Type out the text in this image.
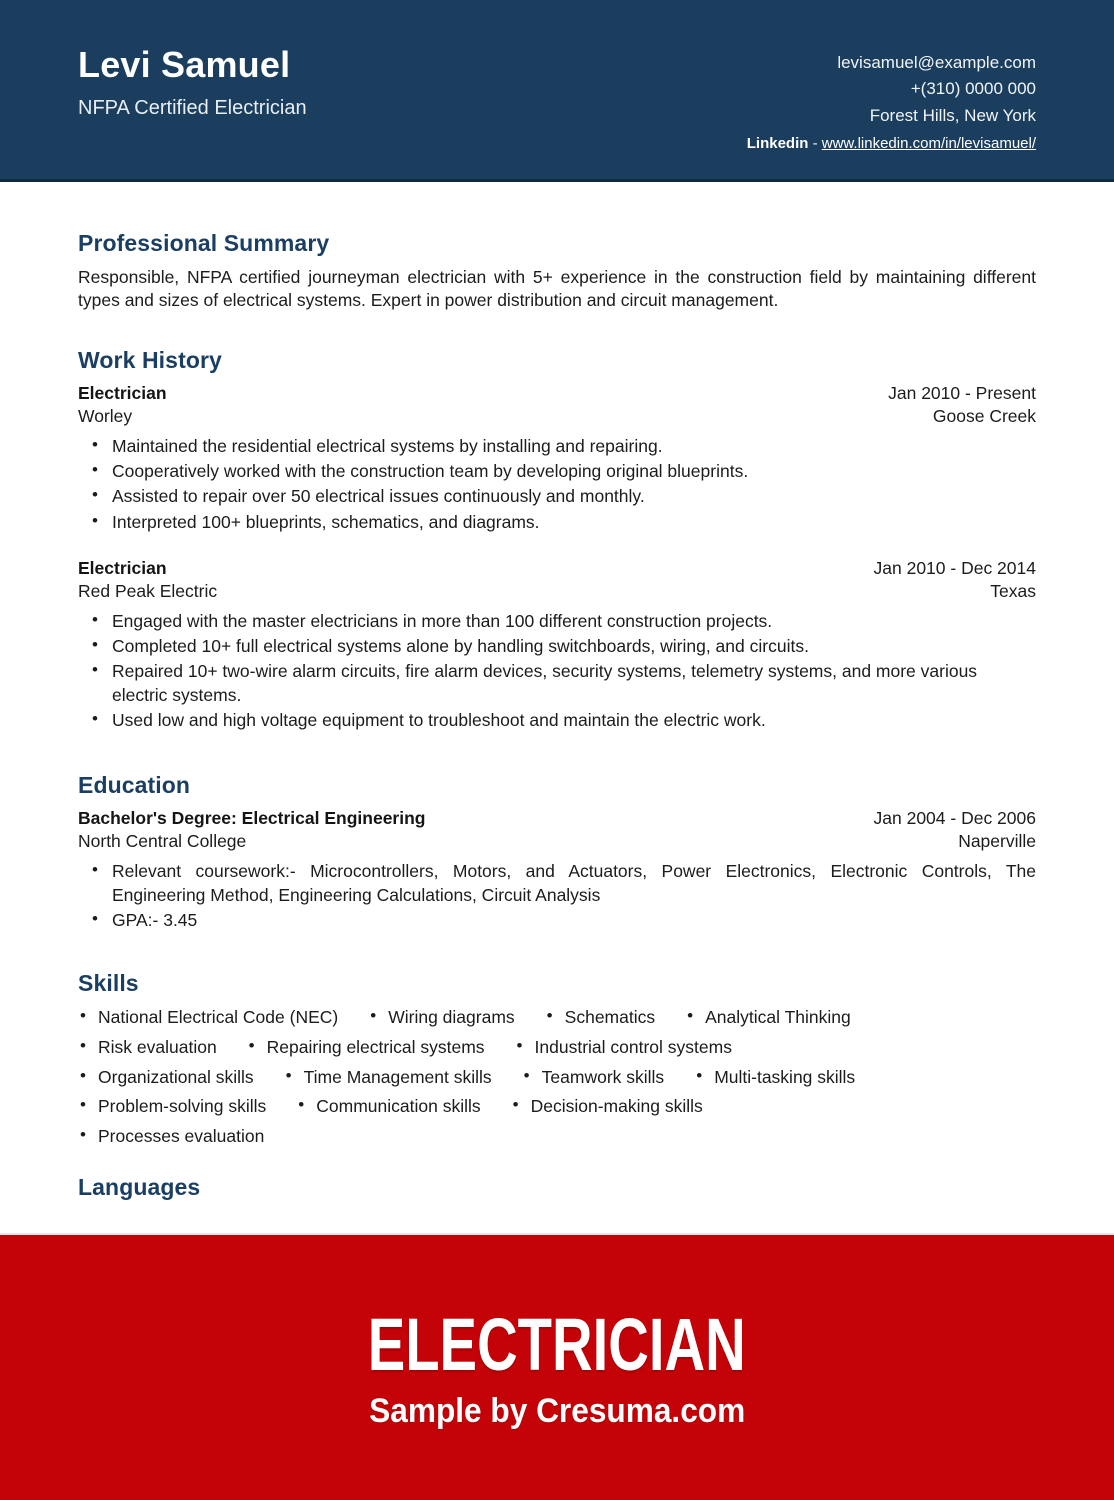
Levi Samuel
NFPA Certified Electrician
levisamuel@example.com
+(310) 0000 000
Forest Hills, New York
Linkedin - www.linkedin.com/in/levisamuel/
Professional Summary

Responsible, NFPA certified journeyman electrician with 5+ experience in the construction field by maintaining different types and sizes of electrical systems. Expert in power distribution and circuit management.

Work History
Electrician	Jan 2010 - Present
Worley	Goose Creek
• Maintained the residential electrical systems by installing and repairing.
• Cooperatively worked with the construction team by developing original blueprints.
• Assisted to repair over 50 electrical issues continuously and monthly.
• Interpreted 100+ blueprints, schematics, and diagrams.
Electrician	Jan 2010 - Dec 2014
Red Peak Electric	Texas
• Engaged with the master electricians in more than 100 different construction projects.
• Completed 10+ full electrical systems alone by handling switchboards, wiring, and circuits.
• Repaired 10+ two-wire alarm circuits, fire alarm devices, security systems, telemetry systems, and more various electric systems.
• Used low and high voltage equipment to troubleshoot and maintain the electric work.
Education
Bachelor's Degree: Electrical Engineering	Jan 2004 - Dec 2006
North Central College	Naperville
• Relevant coursework:- Microcontrollers, Motors, and Actuators, Power Electronics, Electronic Controls, The Engineering Method, Engineering Calculations, Circuit Analysis
• GPA:- 3.45
Skills
• National Electrical Code (NEC)	• Wiring diagrams	• Schematics	• Analytical Thinking
• Risk evaluation	• Repairing electrical systems	• Industrial control systems
• Organizational skills	• Time Management skills	• Teamwork skills	• Multi-tasking skills
• Problem-solving skills	• Communication skills	• Decision-making skills
• Processes evaluation
Languages
ELECTRICIAN
Sample by Cresuma.com
